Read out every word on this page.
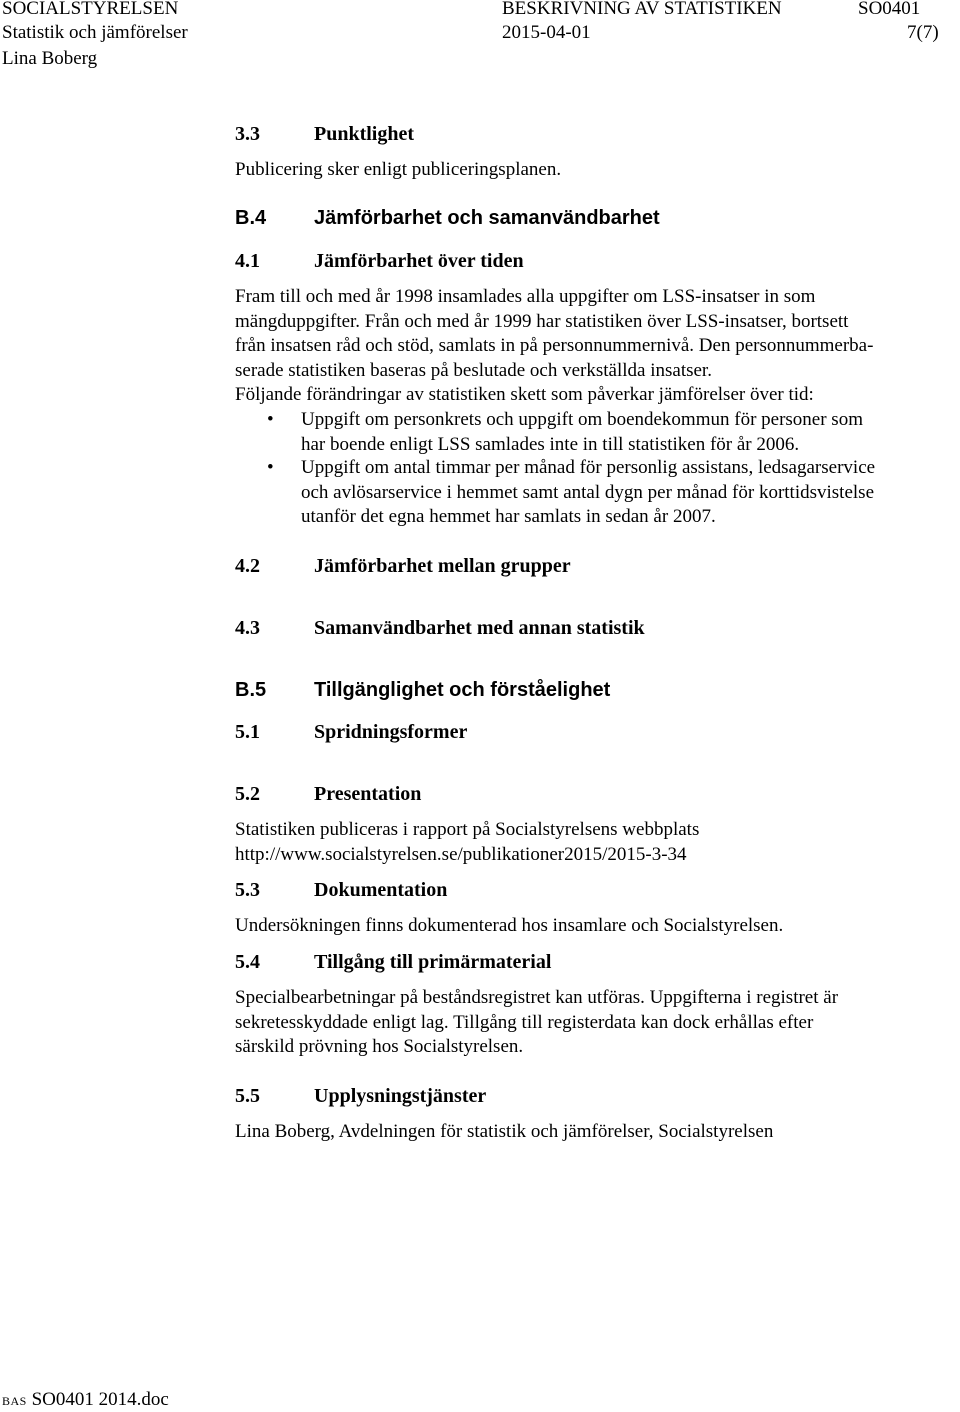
SOCIALSTYRELSEN	BESKRIVNING AV STATISTIKEN	SO0401
Statistik och jämförelser	2015-04-01	7(7)
Lina Boberg
3.3	Punktlighet
Publicering sker enligt publiceringsplanen.
B.4 Jämförbarhet och samanvändbarhet
4.1	Jämförbarhet över tiden
Fram till och med år 1998 insamlades alla uppgifter om LSS-insatser in som
mängduppgifter. Från och med år 1999 har statistiken över LSS-insatser, bortsett
från insatsen råd och stöd, samlats in på personnummernivå. Den personnummerba-
serade statistiken baseras på beslutade och verkställda insatser.
Följande förändringar av statistiken skett som påverkar jämförelser över tid:
• Uppgift om personkrets och uppgift om boendekommun för personer som
har boende enligt LSS samlades inte in till statistiken för år 2006.
• Uppgift om antal timmar per månad för personlig assistans, ledsagarservice
och avlösarservice i hemmet samt antal dygn per månad för korttidsvistelse
utanför det egna hemmet har samlats in sedan år 2007.
4.2	Jämförbarhet mellan grupper
4.3	Samanvändbarhet med annan statistik
B.5 Tillgänglighet och förståelighet
5.1	Spridningsformer
5.2	Presentation
Statistiken publiceras i rapport på Socialstyrelsens webbplats
http://www.socialstyrelsen.se/publikationer2015/2015-3-34
5.3	Dokumentation
Undersökningen finns dokumenterad hos insamlare och Socialstyrelsen.
5.4	Tillgång till primärmaterial
Specialbearbetningar på beståndsregistret kan utföras. Uppgifterna i registret är
sekretesskyddade enligt lag. Tillgång till registerdata kan dock erhållas efter
särskild prövning hos Socialstyrelsen.
5.5	Upplysningstjänster
Lina Boberg, Avdelningen för statistik och jämförelser, Socialstyrelsen
BAS SO0401 2014.doc
